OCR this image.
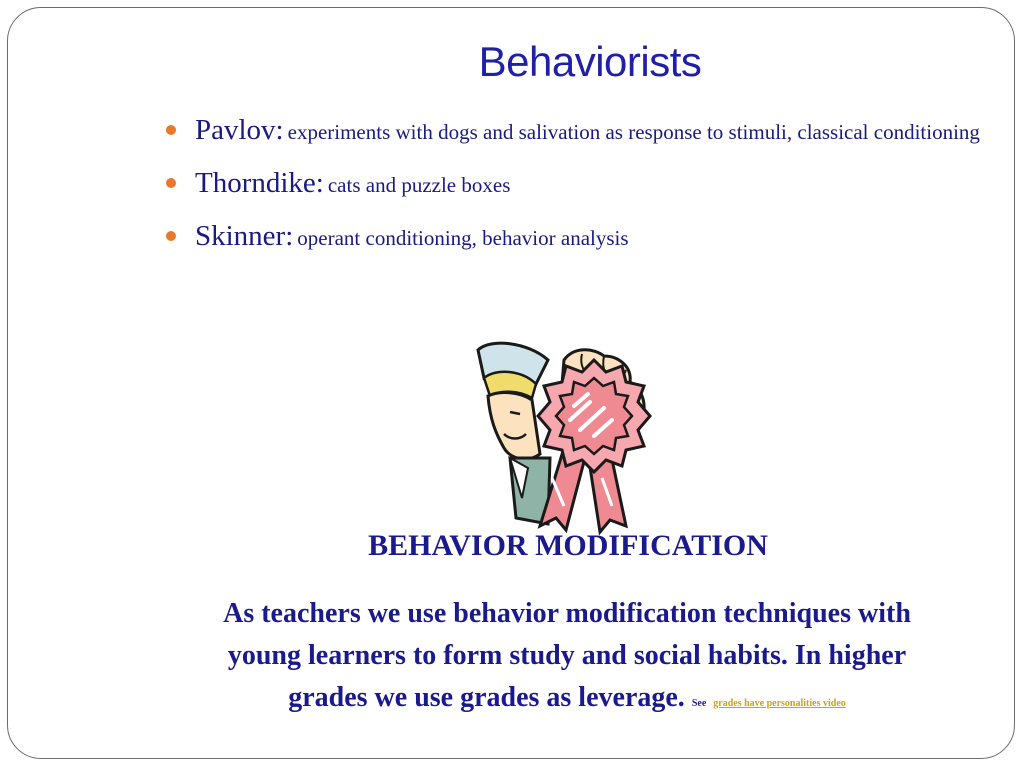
Behaviorists
Pavlov: experiments with dogs and salivation as response to stimuli, classical conditioning
Thorndike: cats and puzzle boxes
Skinner: operant conditioning, behavior analysis
BEHAVIOR MODIFICATION
As teachers we use behavior modification techniques with young learners to form study and social habits. In higher grades we use grades as leverage. See grades have personalities video
